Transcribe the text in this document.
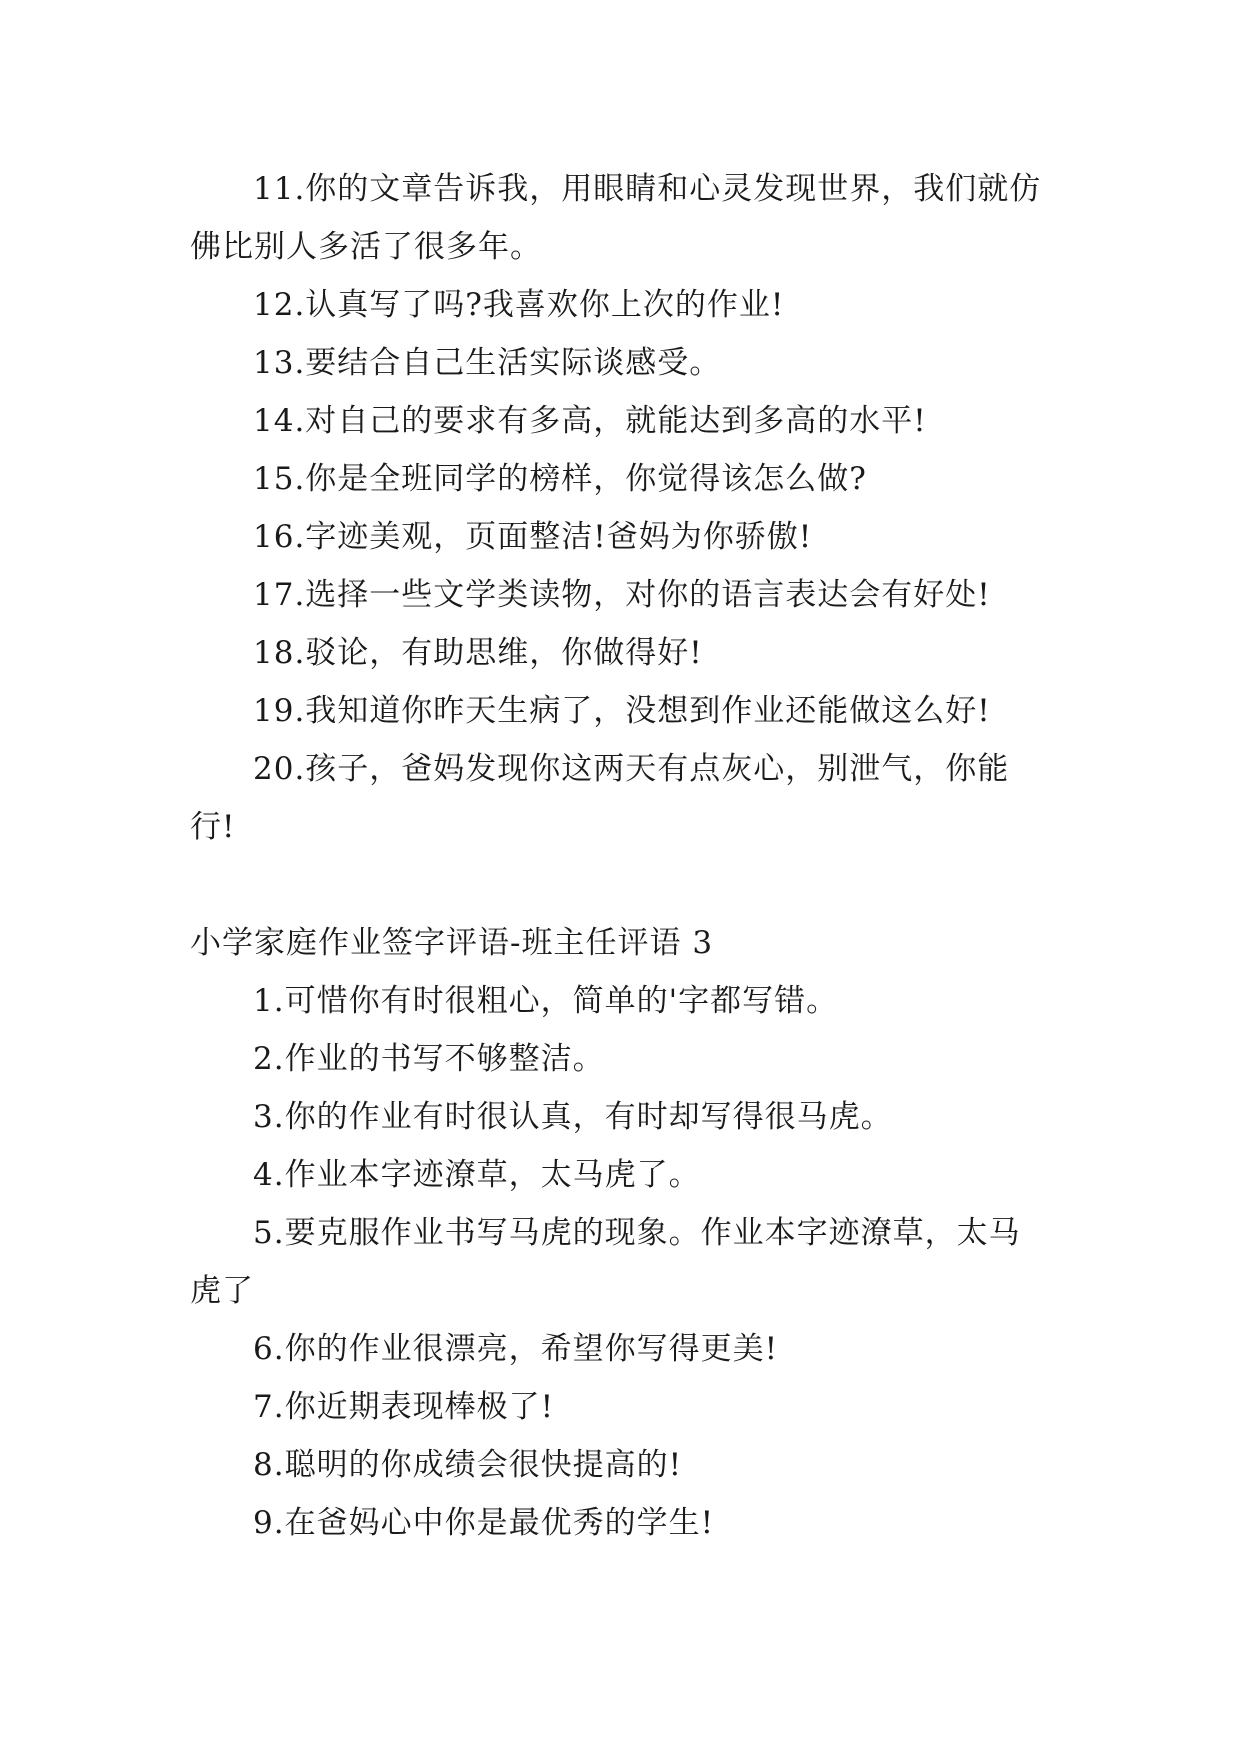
11.你的文章告诉我，用眼睛和心灵发现世界，我们就仿佛比别人多活了很多年。

12.认真写了吗?我喜欢你上次的作业!

13.要结合自己生活实际谈感受。

14.对自己的要求有多高，就能达到多高的水平!

15.你是全班同学的榜样，你觉得该怎么做?

16.字迹美观，页面整洁!爸妈为你骄傲!

17.选择一些文学类读物，对你的语言表达会有好处!

18.驳论，有助思维，你做得好!

19.我知道你昨天生病了，没想到作业还能做这么好!

20.孩子，爸妈发现你这两天有点灰心，别泄气，你能行!

小学家庭作业签字评语-班主任评语 3

1.可惜你有时很粗心，简单的'字都写错。

2.作业的书写不够整洁。

3.你的作业有时很认真，有时却写得很马虎。

4.作业本字迹潦草，太马虎了。

5.要克服作业书写马虎的现象。作业本字迹潦草，太马虎了

6.你的作业很漂亮，希望你写得更美!

7.你近期表现棒极了!

8.聪明的你成绩会很快提高的!

9.在爸妈心中你是最优秀的学生!
